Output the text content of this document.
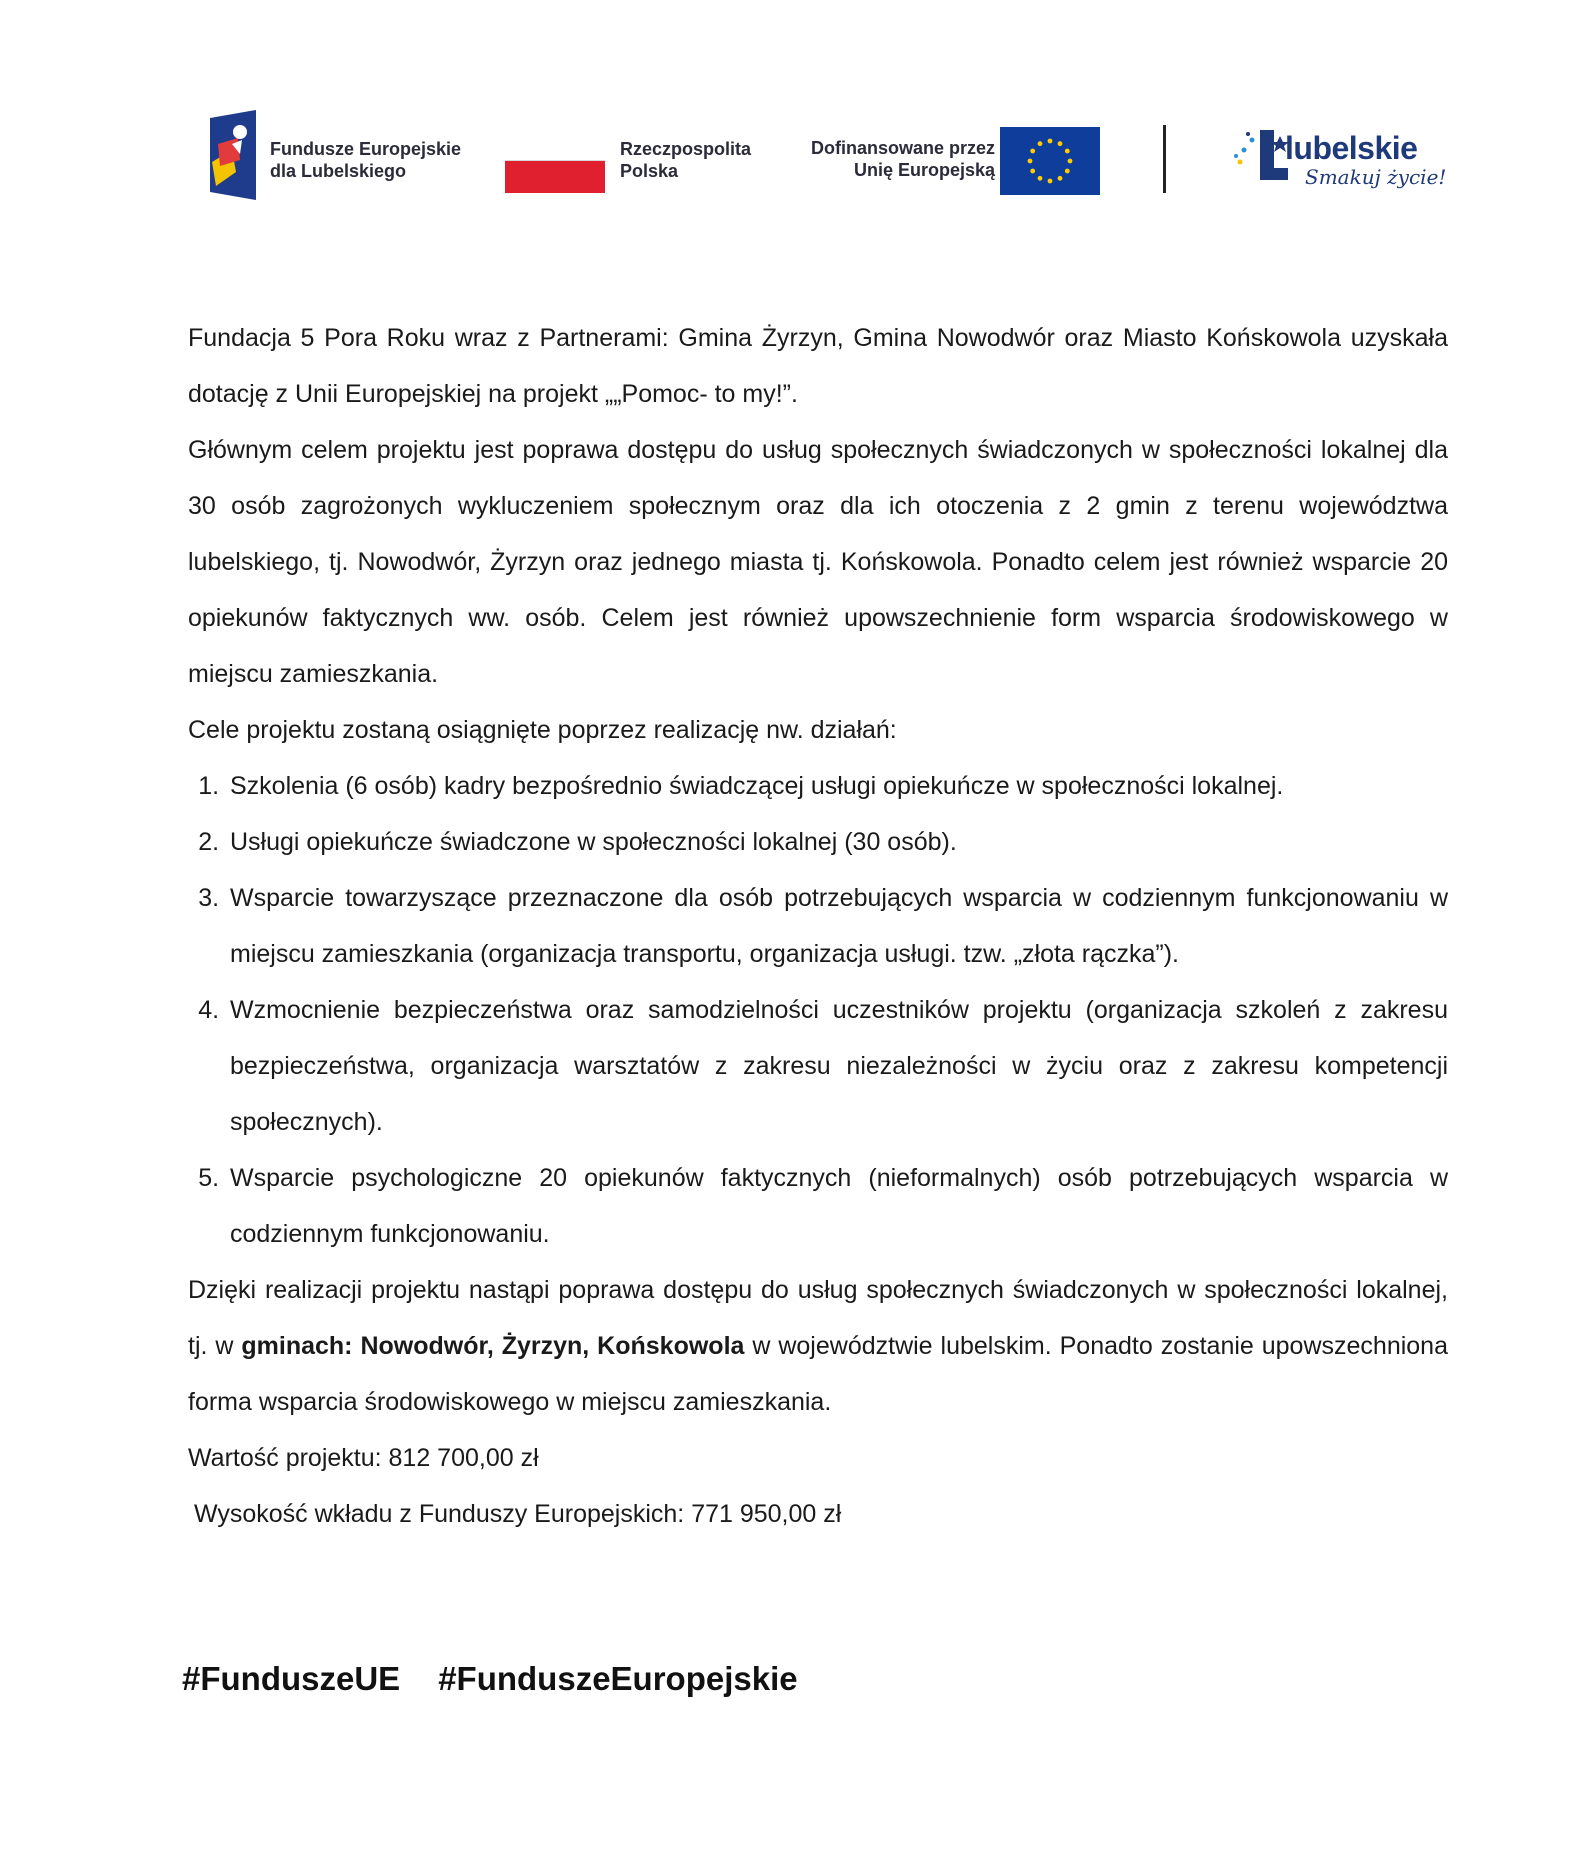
Fundusze Europejskie
dla Lubelskiego
Rzeczpospolita
Polska
Dofinansowane przez
Unię Europejską
lubelskie
Smakuj życie!

Fundacja 5 Pora Roku wraz z Partnerami: Gmina Żyrzyn, Gmina Nowodwór oraz Miasto Końskowola uzyskała dotację z Unii Europejskiej na projekt „„Pomoc- to my!”.

Głównym celem projektu jest poprawa dostępu do usług społecznych świadczonych w społeczności lokalnej dla 30 osób zagrożonych wykluczeniem społecznym oraz dla ich otoczenia z 2 gmin z terenu województwa lubelskiego, tj. Nowodwór, Żyrzyn oraz jednego miasta tj. Końskowola. Ponadto celem jest również wsparcie 20 opiekunów faktycznych ww. osób. Celem jest również upowszechnienie form wsparcia środowiskowego w miejscu zamieszkania.

Cele projektu zostaną osiągnięte poprzez realizację nw. działań:

1. Szkolenia (6 osób) kadry bezpośrednio świadczącej usługi opiekuńcze w społeczności lokalnej.
2. Usługi opiekuńcze świadczone w społeczności lokalnej (30 osób).
3. Wsparcie towarzyszące przeznaczone dla osób potrzebujących wsparcia w codziennym funkcjonowaniu w miejscu zamieszkania (organizacja transportu, organizacja usługi. tzw. „złota rączka”).
4. Wzmocnienie bezpieczeństwa oraz samodzielności uczestników projektu (organizacja szkoleń z zakresu bezpieczeństwa, organizacja warsztatów z zakresu niezależności w życiu oraz z zakresu kompetencji społecznych).
5. Wsparcie psychologiczne 20 opiekunów faktycznych (nieformalnych) osób potrzebujących wsparcia w codziennym funkcjonowaniu.

Dzięki realizacji projektu nastąpi poprawa dostępu do usług społecznych świadczonych w społeczności lokalnej, tj. w gminach: Nowodwór, Żyrzyn, Końskowola w województwie lubelskim. Ponadto zostanie upowszechniona forma wsparcia środowiskowego w miejscu zamieszkania.

Wartość projektu: 812 700,00 zł

Wysokość wkładu z Funduszy Europejskich: 771 950,00 zł

#FunduszeUE #FunduszeEuropejskie
